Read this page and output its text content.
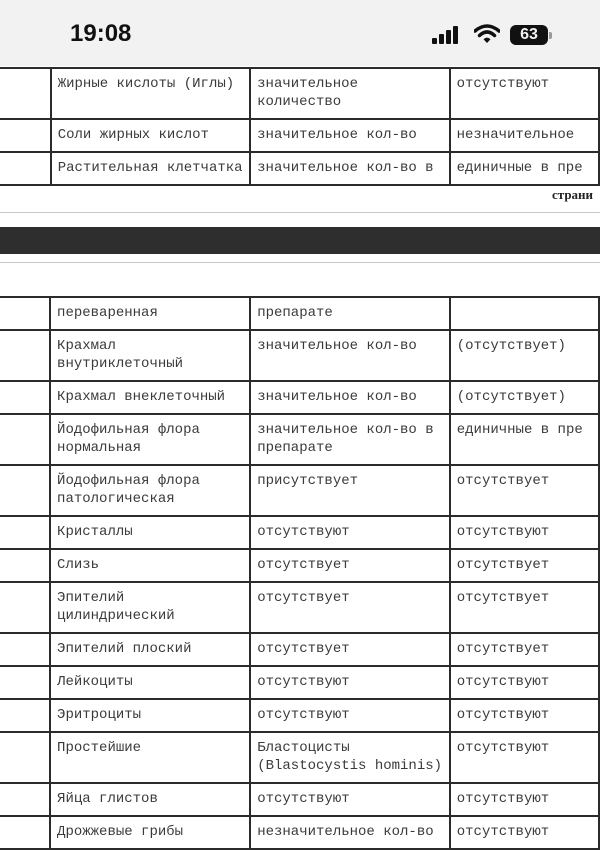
19:08	63
	Жирные кислоты (Иглы)	значительное количество	отсутствуют
	Соли жирных кислот	значительное кол-во	незначительное
	Растительная клетчатка	значительное кол-во в	единичные в пре
страни
	переваренная	препарате	
	Крахмал внутриклеточный	значительное кол-во	(отсутствует)
	Крахмал внеклеточный	значительное кол-во	(отсутствует)
	Йодофильная флора нормальная	значительное кол-во в препарате	единичные в пре
	Йодофильная флора патологическая	присутствует	отсутствует
	Кристаллы	отсутствуют	отсутствуют
	Слизь	отсутствует	отсутствует
	Эпителий цилиндрический	отсутствует	отсутствует
	Эпителий плоский	отсутствует	отсутствует
	Лейкоциты	отсутствуют	отсутствуют
	Эритроциты	отсутствуют	отсутствуют
	Простейшие	Бластоцисты (Blastocystis hominis)	отсутствуют
	Яйца глистов	отсутствуют	отсутствуют
	Дрожжевые грибы	незначительное кол-во	отсутствуют
